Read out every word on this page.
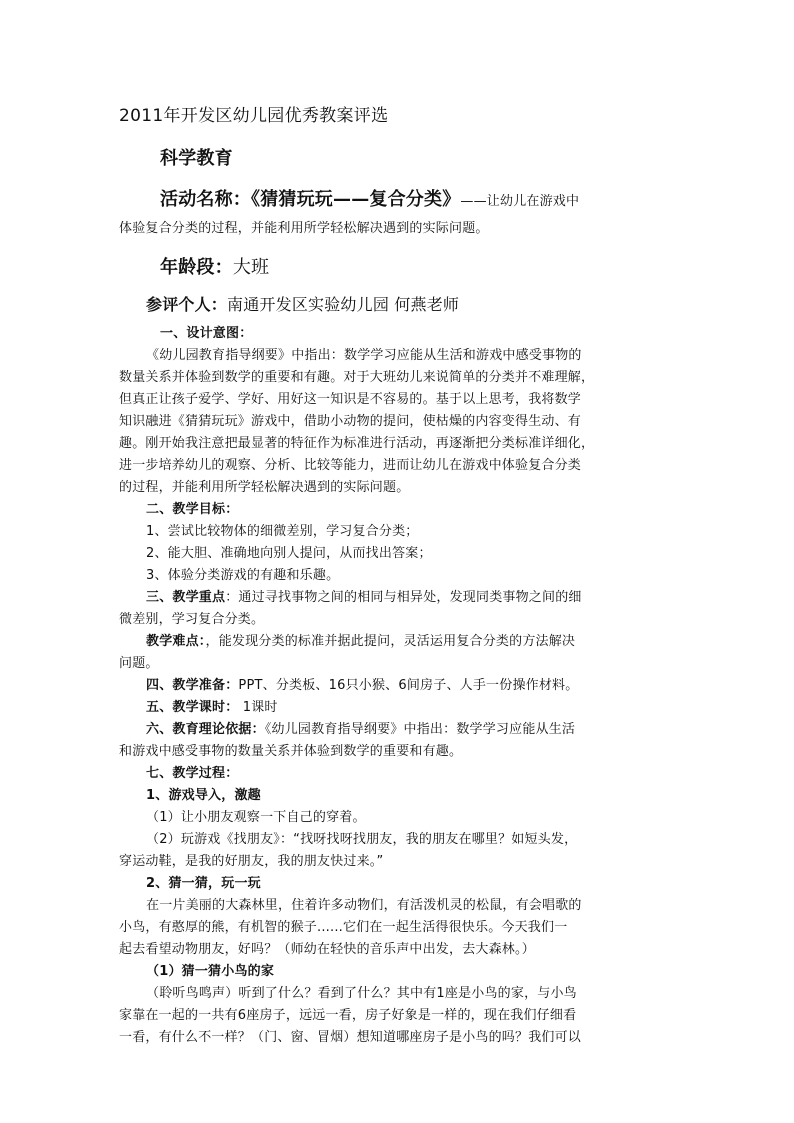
2011年开发区幼儿园优秀教案评选
科学教育
活动名称：《猜猜玩玩——复合分类》——让幼儿在游戏中
体验复合分类的过程，并能利用所学轻松解决遇到的实际问题。
年龄段：大班
参评个人：南通开发区实验幼儿园 何燕老师
一、设计意图：
《幼儿园教育指导纲要》中指出：数学学习应能从生活和游戏中感受事物的
数量关系并体验到数学的重要和有趣。对于大班幼儿来说简单的分类并不难理解，
但真正让孩子爱学、学好、用好这一知识是不容易的。基于以上思考，我将数学
知识融进《猜猜玩玩》游戏中，借助小动物的提问，使枯燥的内容变得生动、有
趣。刚开始我注意把最显著的特征作为标准进行活动，再逐渐把分类标准详细化，
进一步培养幼儿的观察、分析、比较等能力，进而让幼儿在游戏中体验复合分类
的过程，并能利用所学轻松解决遇到的实际问题。
二、教学目标：
1、尝试比较物体的细微差别，学习复合分类；
2、能大胆、准确地向别人提问，从而找出答案；
3、体验分类游戏的有趣和乐趣。
三、教学重点：通过寻找事物之间的相同与相异处，发现同类事物之间的细
微差别，学习复合分类。
教学难点：，能发现分类的标准并据此提问，灵活运用复合分类的方法解决
问题。
四、教学准备：PPT、分类板、16只小猴、6间房子、人手一份操作材料。
五、教学课时： 1课时
六、教育理论依据：《幼儿园教育指导纲要》中指出：数学学习应能从生活
和游戏中感受事物的数量关系并体验到数学的重要和有趣。
七、教学过程：
1、游戏导入，激趣
（1）让小朋友观察一下自己的穿着。
（2）玩游戏《找朋友》：“找呀找呀找朋友，我的朋友在哪里？如短头发，
穿运动鞋，是我的好朋友，我的朋友快过来。”
2、猜一猜，玩一玩
在一片美丽的大森林里，住着许多动物们，有活泼机灵的松鼠，有会唱歌的
小鸟，有憨厚的熊，有机智的猴子......它们在一起生活得很快乐。今天我们一
起去看望动物朋友，好吗？（师幼在轻快的音乐声中出发，去大森林。）
（1）猜一猜小鸟的家
（聆听鸟鸣声）听到了什么？看到了什么？其中有1座是小鸟的家，与小鸟
家靠在一起的一共有6座房子，远远一看，房子好象是一样的，现在我们仔细看
一看，有什么不一样？（门、窗、冒烟）想知道哪座房子是小鸟的吗？我们可以
